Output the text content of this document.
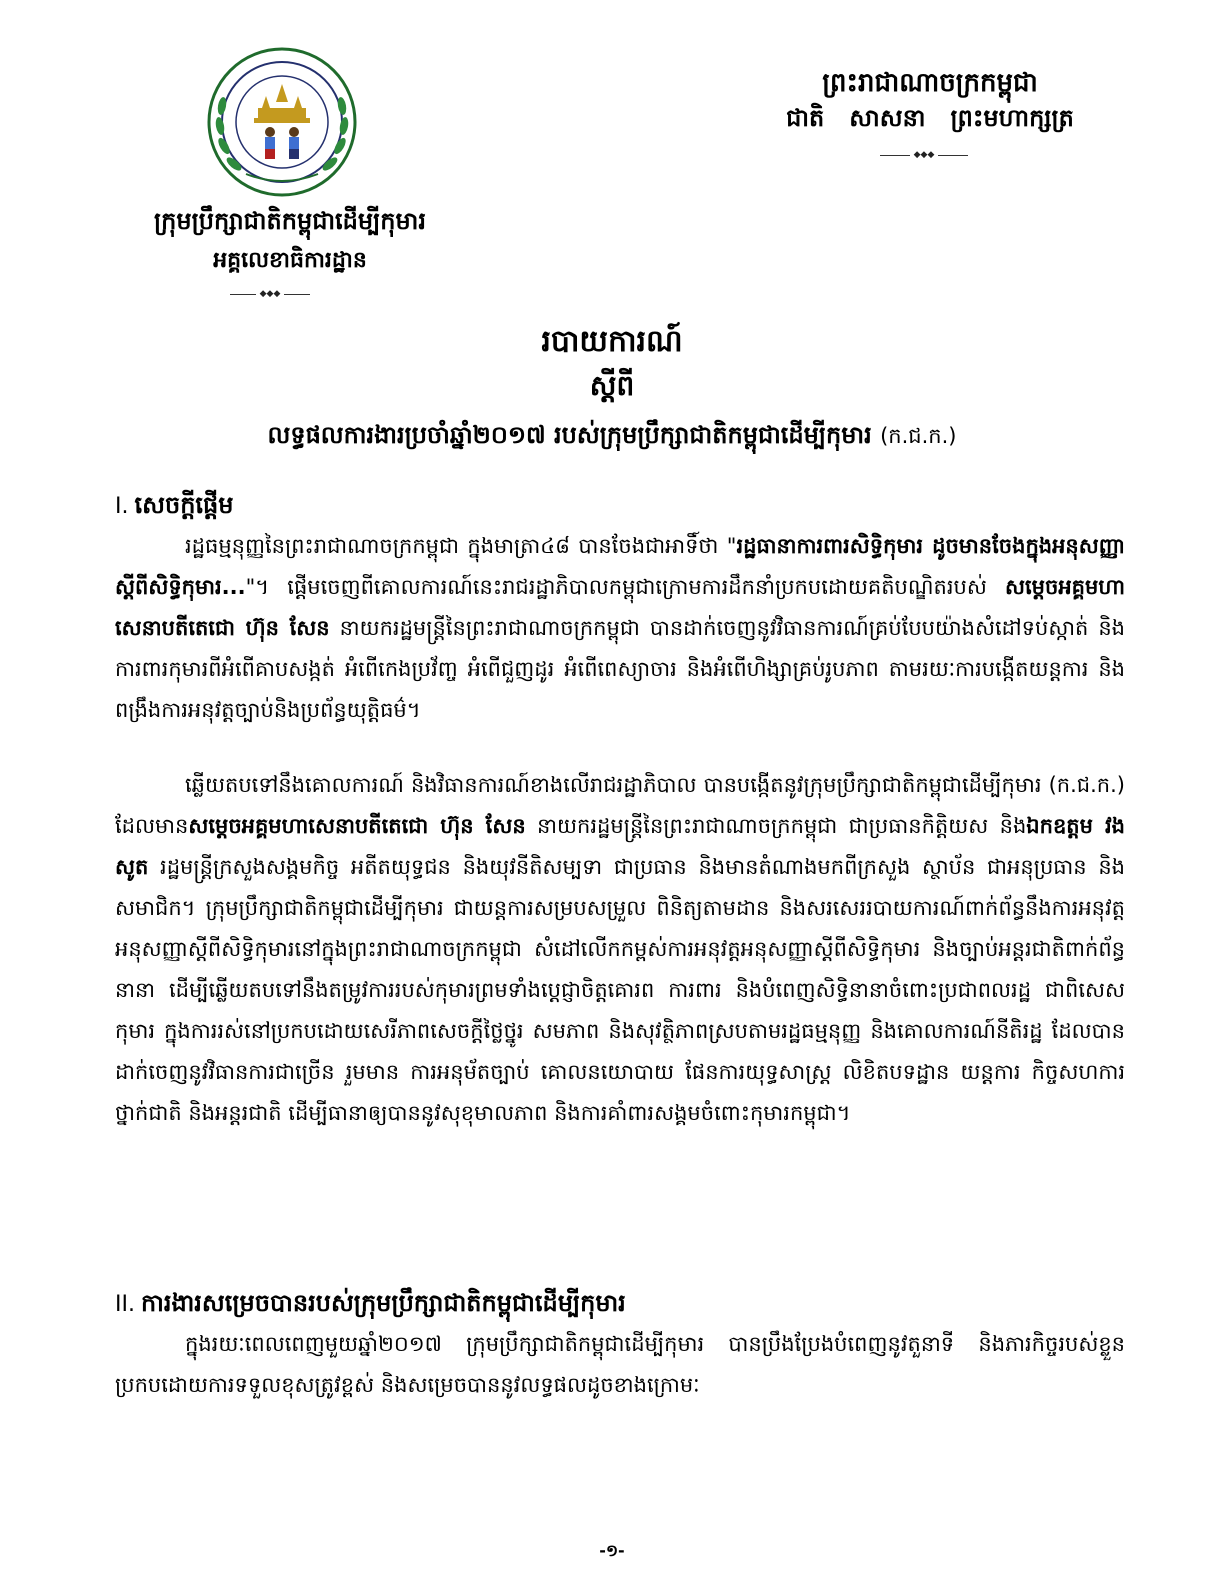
ក្រុមប្រឹក្សាជាតិកម្ពុជាដើម្បីកុមារ
អគ្គលេខាធិការដ្ឋាន
◆◆◆
ព្រះរាជាណាចក្រកម្ពុជា
ជាតិ   សាសនា   ព្រះមហាក្សត្រ
◆◆◆
របាយការណ៍
ស្តីពី
លទ្ធផលការងារប្រចាំឆ្នាំ២០១៧ របស់ក្រុមប្រឹក្សាជាតិកម្ពុជាដើម្បីកុមារ (ក.ជ.ក.)
I. សេចក្តីផ្តើម
រដ្ឋធម្មនុញ្ញនៃព្រះរាជាណាចក្រកម្ពុជា ក្នុងមាត្រា៤៨ បានចែងជាអាទិ៍ថា "រដ្ឋធានាការពារសិទ្ធិកុមារ ដូចមានចែងក្នុងអនុសញ្ញាស្តីពីសិទ្ធិកុមារ..."។ ផ្តើមចេញពីគោលការណ៍នេះរាជរដ្ឋាភិបាលកម្ពុជាក្រោមការដឹកនាំប្រកបដោយគតិបណ្ឌិតរបស់ សម្តេចអគ្គមហាសេនាបតីតេជោ ហ៊ុន សែន នាយករដ្ឋមន្ត្រីនៃព្រះរាជាណាចក្រកម្ពុជា បានដាក់ចេញនូវវិធានការណ៍គ្រប់បែបយ៉ាងសំដៅទប់ស្កាត់ និងការពារកុមារពីអំពើគាបសង្កត់ អំពើកេងប្រវ័ញ្ច អំពើជួញដូរ អំពើពេស្យាចារ និងអំពើហិង្សាគ្រប់រូបភាព តាមរយៈការបង្កើតយន្តការ និងពង្រឹងការអនុវត្តច្បាប់និងប្រព័ន្ធយុត្តិធម៌។
ឆ្លើយតបទៅនឹងគោលការណ៍ និងវិធានការណ៍ខាងលើរាជរដ្ឋាភិបាល បានបង្កើតនូវក្រុមប្រឹក្សាជាតិកម្ពុជាដើម្បីកុមារ (ក.ជ.ក.) ដែលមានសម្តេចអគ្គមហាសេនាបតីតេជោ ហ៊ុន សែន នាយករដ្ឋមន្ត្រីនៃព្រះរាជាណាចក្រកម្ពុជា ជាប្រធានកិត្តិយស និងឯកឧត្តម វង សូត រដ្ឋមន្ត្រីក្រសួងសង្គមកិច្ច អតីតយុទ្ធជន និងយុវនីតិសម្បទា ជាប្រធាន និងមានតំណាងមកពីក្រសួង ស្ថាប័ន ជាអនុប្រធាន និងសមាជិក។ ក្រុមប្រឹក្សាជាតិកម្ពុជាដើម្បីកុមារ ជាយន្តការសម្របសម្រួល ពិនិត្យតាមដាន និងសរសេររបាយការណ៍ពាក់ព័ន្ធនឹងការអនុវត្តអនុសញ្ញាស្តីពីសិទ្ធិកុមារនៅក្នុងព្រះរាជាណាចក្រកម្ពុជា សំដៅលើកកម្ពស់ការអនុវត្តអនុសញ្ញាស្តីពីសិទ្ធិកុមារ និងច្បាប់អន្តរជាតិពាក់ព័ន្ធនានា ដើម្បីឆ្លើយតបទៅនឹងតម្រូវការរបស់កុមារព្រមទាំងប្តេជ្ញាចិត្តគោរព ការពារ និងបំពេញសិទ្ធិនានាចំពោះប្រជាពលរដ្ឋ ជាពិសេសកុមារ ក្នុងការរស់នៅប្រកបដោយសេរីភាពសេចក្តីថ្លៃថ្នូរ សមភាព និងសុវត្ថិភាពស្របតាមរដ្ឋធម្មនុញ្ញ និងគោលការណ៍នីតិរដ្ឋ ដែលបានដាក់ចេញនូវវិធានការជាច្រើន រួមមាន ការអនុម័តច្បាប់ គោលនយោបាយ ផែនការយុទ្ធសាស្ត្រ លិខិតបទដ្ឋាន យន្តការ កិច្ចសហការ ថ្នាក់ជាតិ និងអន្តរជាតិ ដើម្បីធានាឲ្យបាននូវសុខុមាលភាព និងការគាំពារសង្គមចំពោះកុមារកម្ពុជា។
II. ការងារសម្រេចបានរបស់ក្រុមប្រឹក្សាជាតិកម្ពុជាដើម្បីកុមារ
ក្នុងរយៈពេលពេញមួយឆ្នាំ២០១៧ ក្រុមប្រឹក្សាជាតិកម្ពុជាដើម្បីកុមារ បានប្រឹងប្រែងបំពេញនូវតួនាទី និងភារកិច្ចរបស់ខ្លួនប្រកបដោយការទទួលខុសត្រូវខ្ពស់ និងសម្រេចបាននូវលទ្ធផលដូចខាងក្រោមៈ
-១-
